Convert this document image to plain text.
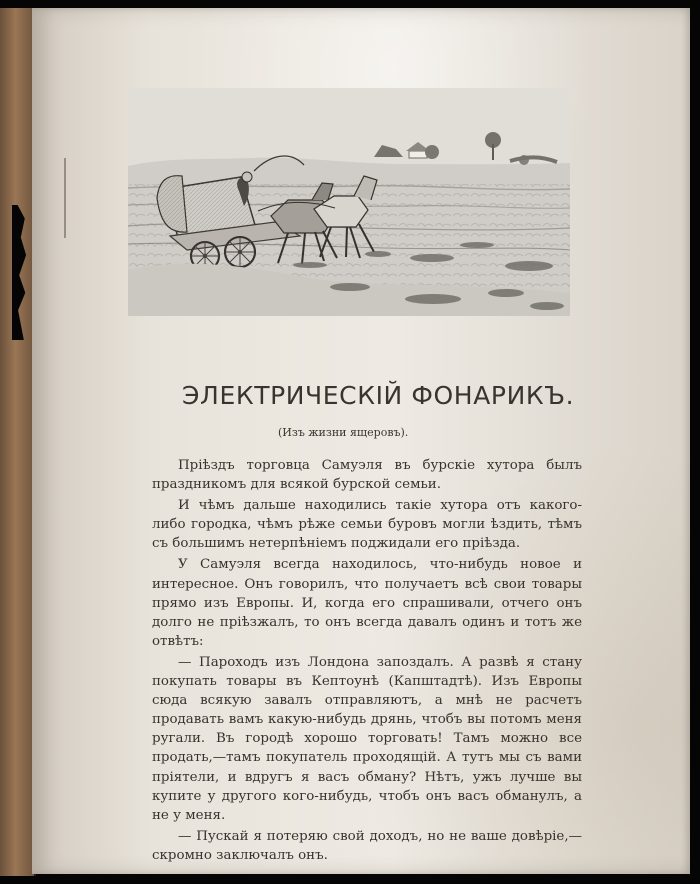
ЭЛЕКТРИЧЕСКIЙ ФОНАРИКЪ.
(Изъ жизни ящеровъ).

Прiѣздъ торговца Самуэля въ бурскiе хутора былъ праздникомъ для всякой бурской семьи.

И чѣмъ дальше находились такiе хутора отъ какого-либо городка, чѣмъ рѣже семьи буровъ могли ѣздить, тѣмъ съ большимъ нетерпѣнiемъ поджидали его прiѣзда.

У Самуэля всегда находилось, что-нибудь новое и интересное. Онъ говорилъ, что получаетъ всѣ свои товары прямо изъ Европы. И, когда его спрашивали, отчего онъ долго не прiѣзжалъ, то онъ всегда давалъ одинъ и тотъ же отвѣтъ:

— Пароходъ изъ Лондона запоздалъ. А развѣ я стану покупать товары въ Кептоунѣ (Капштадтѣ). Изъ Европы сюда всякую завалъ отправляютъ, а мнѣ не расчетъ продавать вамъ какую-нибудь дрянь, чтобъ вы потомъ меня ругали. Въ городѣ хорошо торговать! Тамъ можно все продать,—тамъ покупатель проходящiй. А тутъ мы съ вами прiятели, и вдругъ я васъ обману? Нѣтъ, ужъ лучше вы купите у другого кого-нибудь, чтобъ онъ васъ обманулъ, а не у меня.

— Пускай я потеряю свой доходъ, но не ваше довѣрiе,—скромно заключалъ онъ.
